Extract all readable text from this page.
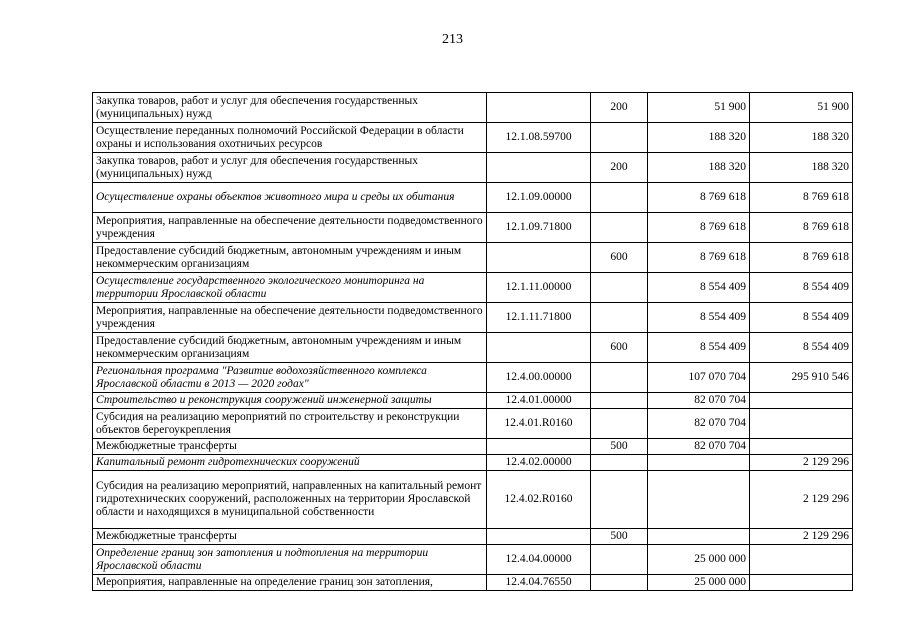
213
Закупка товаров, работ и услуг для обеспечения государственных (муниципальных) нужд		200	51 900	51 900
Осуществление переданных полномочий Российской Федерации в области охраны и использования охотничьих ресурсов	12.1.08.59700		188 320	188 320
Закупка товаров, работ и услуг для обеспечения государственных (муниципальных) нужд		200	188 320	188 320
Осуществление охраны объектов животного мира и среды их обитания	12.1.09.00000		8 769 618	8 769 618
Мероприятия, направленные на обеспечение деятельности подведомственного учреждения	12.1.09.71800		8 769 618	8 769 618
Предоставление субсидий бюджетным, автономным учреждениям и иным некоммерческим организациям		600	8 769 618	8 769 618
Осуществление государственного экологического мониторинга на территории Ярославской области	12.1.11.00000		8 554 409	8 554 409
Мероприятия, направленные на обеспечение деятельности подведомственного учреждения	12.1.11.71800		8 554 409	8 554 409
Предоставление субсидий бюджетным, автономным учреждениям и иным некоммерческим организациям		600	8 554 409	8 554 409
Региональная программа "Развитие водохозяйственного комплекса Ярославской области в 2013 — 2020 годах"	12.4.00.00000		107 070 704	295 910 546
Строительство и реконструкция сооружений инженерной защиты	12.4.01.00000		82 070 704	
Субсидия на реализацию мероприятий по строительству и реконструкции объектов берегоукрепления	12.4.01.R0160		82 070 704	
Межбюджетные трансферты		500	82 070 704	
Капитальный ремонт гидротехнических сооружений	12.4.02.00000			2 129 296
Субсидия на реализацию мероприятий, направленных на капитальный ремонт гидротехнических сооружений, расположенных на территории Ярославской области и находящихся в муниципальной собственности	12.4.02.R0160			2 129 296
Межбюджетные трансферты		500		2 129 296
Определение границ зон затопления и подтопления на территории Ярославской области	12.4.04.00000		25 000 000	
Мероприятия, направленные на определение границ зон затопления,	12.4.04.76550		25 000 000	
